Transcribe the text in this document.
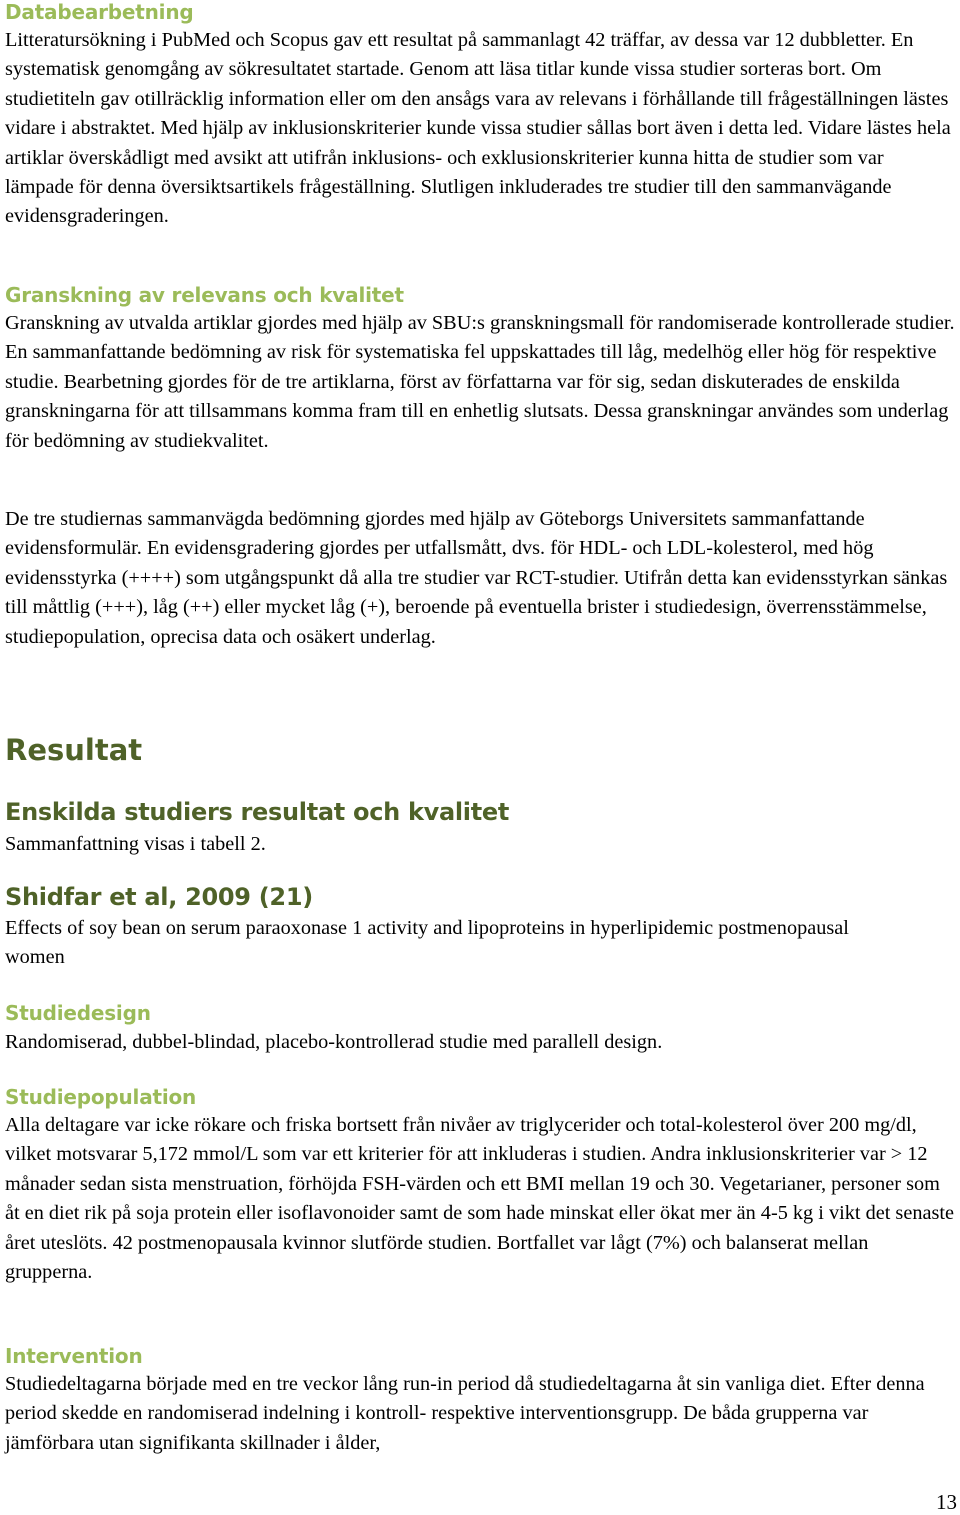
Databearbetning

Litteratursökning i PubMed och Scopus gav ett resultat på sammanlagt 42 träffar, av dessa var 12 dubbletter. En systematisk genomgång av sökresultatet startade. Genom att läsa titlar kunde vissa studier sorteras bort. Om studietiteln gav otillräcklig information eller om den ansågs vara av relevans i förhållande till frågeställningen lästes vidare i abstraktet. Med hjälp av inklusionskriterier kunde vissa studier sållas bort även i detta led. Vidare lästes hela artiklar överskådligt med avsikt att utifrån inklusions- och exklusionskriterier kunna hitta de studier som var lämpade för denna översiktsartikels frågeställning. Slutligen inkluderades tre studier till den sammanvägande evidensgraderingen.

Granskning av relevans och kvalitet

Granskning av utvalda artiklar gjordes med hjälp av SBU:s granskningsmall för randomiserade kontrollerade studier. En sammanfattande bedömning av risk för systematiska fel uppskattades till låg, medelhög eller hög för respektive studie. Bearbetning gjordes för de tre artiklarna, först av författarna var för sig, sedan diskuterades de enskilda granskningarna för att tillsammans komma fram till en enhetlig slutsats. Dessa granskningar användes som underlag för bedömning av studiekvalitet.

De tre studiernas sammanvägda bedömning gjordes med hjälp av Göteborgs Universitets sammanfattande evidensformulär. En evidensgradering gjordes per utfallsmått, dvs. för HDL- och LDL-kolesterol, med hög evidensstyrka (++++) som utgångspunkt då alla tre studier var RCT-studier. Utifrån detta kan evidensstyrkan sänkas till måttlig (+++), låg (++) eller mycket låg (+), beroende på eventuella brister i studiedesign, överrensstämmelse, studiepopulation, oprecisa data och osäkert underlag.

Resultat
Enskilda studiers resultat och kvalitet

Sammanfattning visas i tabell 2.

Shidfar et al, 2009 (21)

Effects of soy bean on serum paraoxonase 1 activity and lipoproteins in hyperlipidemic postmenopausal women

Studiedesign

Randomiserad, dubbel-blindad, placebo-kontrollerad studie med parallell design.

Studiepopulation

Alla deltagare var icke rökare och friska bortsett från nivåer av triglycerider och total-kolesterol över 200 mg/dl, vilket motsvarar 5,172 mmol/L som var ett kriterier för att inkluderas i studien. Andra inklusionskriterier var > 12 månader sedan sista menstruation, förhöjda FSH-värden och ett BMI mellan 19 och 30. Vegetarianer, personer som åt en diet rik på soja protein eller isoflavonoider samt de som hade minskat eller ökat mer än 4-5 kg i vikt det senaste året uteslöts. 42 postmenopausala kvinnor slutförde studien. Bortfallet var lågt (7%) och balanserat mellan grupperna.

Intervention

Studiedeltagarna började med en tre veckor lång run-in period då studiedeltagarna åt sin vanliga diet. Efter denna period skedde en randomiserad indelning i kontroll- respektive interventionsgrupp. De båda grupperna var jämförbara utan signifikanta skillnader i ålder,

13
